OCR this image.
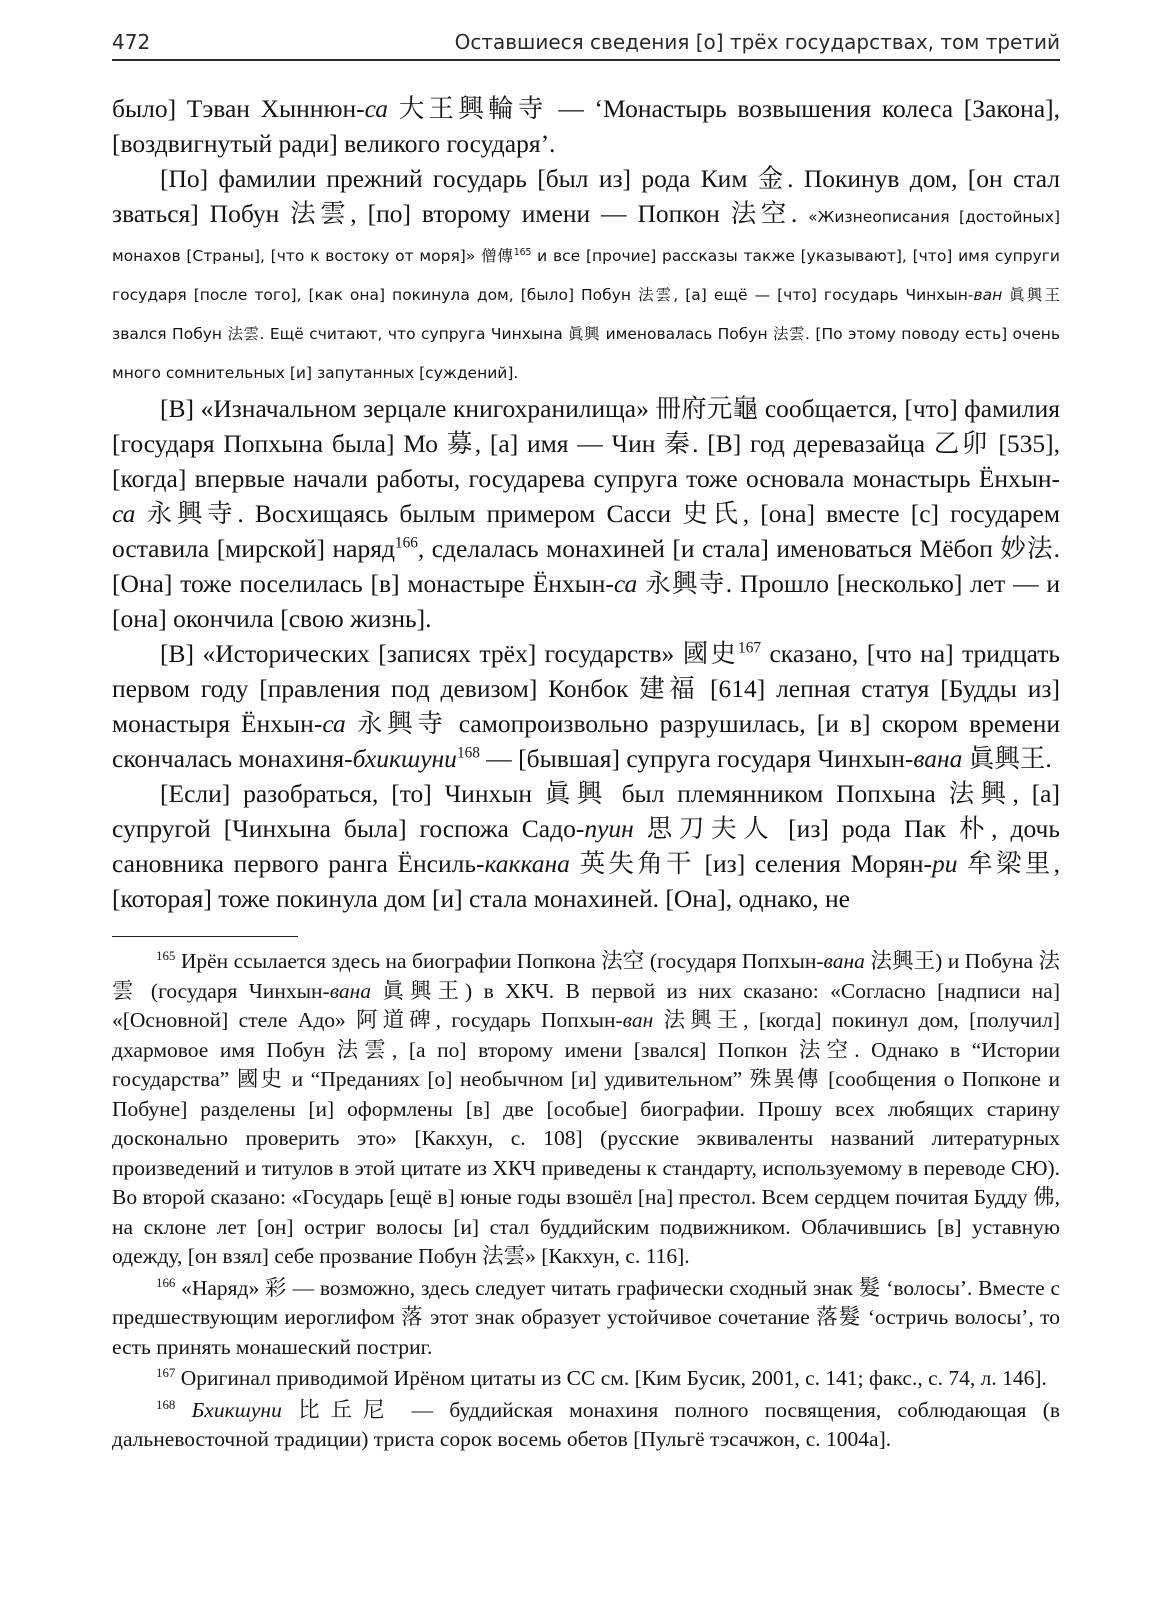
472	Оставшиеся сведения [о] трёх государствах, том третий

было] Тэван Хыннюн-са 大王興輪寺 — ‘Монастырь возвышения колеса [Закона], [воздвигнутый ради] великого государя’.

[По] фамилии прежний государь [был из] рода Ким 金. Покинув дом, [он стал зваться] Побун 法雲, [по] второму имени — Попкон 法空. «Жизнеописания [достойных] монахов [Страны], [что к востоку от моря]» 僧傳$^{165}$ и все [прочие] рассказы также [указывают], [что] имя супруги государя [после того], [как она] покинула дом, [было] Побун 法雲, [а] ещё — [что] государь Чинхын-ван 眞興王 звался Побун 法雲. Ещё считают, что супруга Чинхына 眞興 именовалась Побун 法雲. [По этому поводу есть] очень много сомнительных [и] запутанных [суждений].

[В] «Изначальном зерцале книгохранилища» 冊府元龜 сообщается, [что] фамилия [государя Попхына была] Мо 募, [а] имя — Чин 秦. [В] год деревазайца 乙卯 [535], [когда] впервые начали работы, государева супруга тоже основала монастырь Ёнхын-са 永興寺. Восхищаясь былым примером Сасси 史氏, [она] вместе [с] государем оставила [мирской] наряд$^{166}$, сделалась монахиней [и стала] именоваться Мёбоп 妙法. [Она] тоже поселилась [в] монастыре Ёнхын-са 永興寺. Прошло [несколько] лет — и [она] окончила [свою жизнь].

[В] «Исторических [записях трёх] государств» 國史$^{167}$ сказано, [что на] тридцать первом году [правления под девизом] Конбок 建福 [614] лепная статуя [Будды из] монастыря Ёнхын-са 永興寺 самопроизвольно разрушилась, [и в] скором времени скончалась монахиня-бхикшуни$^{168}$ — [бывшая] супруга государя Чинхын-вана 眞興王.

[Если] разобраться, [то] Чинхын 眞興 был племянником Попхына 法興, [а] супругой [Чинхына была] госпожа Садо-пуин 思刀夫人 [из] рода Пак 朴, дочь сановника первого ранга Ёнсиль-каккана 英失角干 [из] селения Морян-ри 牟梁里, [которая] тоже покинула дом [и] стала монахиней. [Она], однако, не

$^{165}$ Ирён ссылается здесь на биографии Попкона 法空 (государя Попхын-вана 法興王) и Побуна 法雲 (государя Чинхын-вана 眞興王) в ХКЧ. В первой из них сказано: «Согласно [надписи на] «[Основной] стеле Адо» 阿道碑, государь Попхын-ван 法興王, [когда] покинул дом, [получил] дхармовое имя Побун 法雲, [а по] второму имени [звался] Попкон 法空. Однако в “Истории государства” 國史 и “Преданиях [о] необычном [и] удивительном” 殊異傳 [сообщения о Попконе и Побуне] разделены [и] оформлены [в] две [особые] биографии. Прошу всех любящих старину досконально проверить это» [Какхун, с. 108] (русские эквиваленты названий литературных произведений и титулов в этой цитате из ХКЧ приведены к стандарту, используемому в переводе СЮ). Во второй сказано: «Государь [ещё в] юные годы взошёл [на] престол. Всем сердцем почитая Будду 佛, на склоне лет [он] остриг волосы [и] стал буддийским подвижником. Облачившись [в] уставную одежду, [он взял] себе прозвание Побун 法雲» [Какхун, с. 116].

$^{166}$ «Наряд» 彩 — возможно, здесь следует читать графически сходный знак 髮 ‘волосы’. Вместе с предшествующим иероглифом 落 этот знак образует устойчивое сочетание 落髮 ‘остричь волосы’, то есть принять монашеский постриг.

$^{167}$ Оригинал приводимой Ирёном цитаты из СС см. [Ким Бусик, 2001, с. 141; факс., с. 74, л. 146].

$^{168}$ Бхикшуни 比丘尼 — буддийская монахиня полного посвящения, соблюдающая (в дальневосточной традиции) триста сорок восемь обетов [Пульгё тэсачжон, с. 1004а].
